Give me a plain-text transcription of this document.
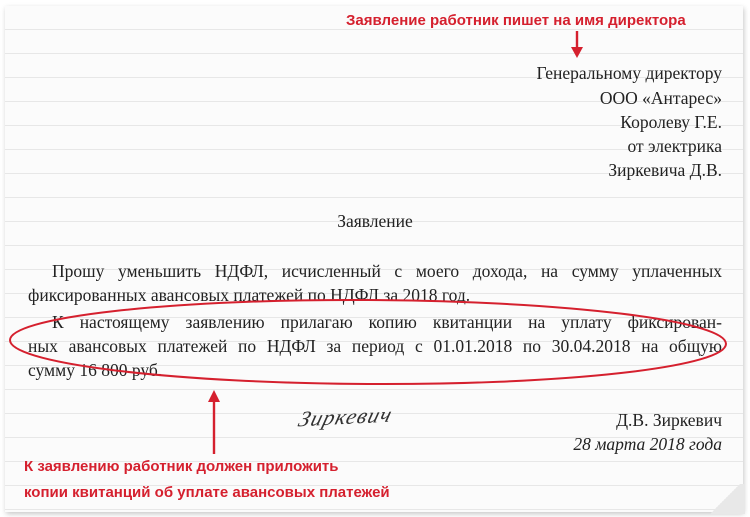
Заявление работник пишет на имя директора
Генеральному директору
ООО «Антарес»
Королеву Г.Е.
от электрика
Зиркевича Д.В.
Заявление
Прошу уменьшить НДФЛ, исчисленный с моего дохода, на сумму уплаченных
фиксированных авансовых платежей по НДФЛ за 2018 год.
К настоящему заявлению прилагаю копию квитанции на уплату фиксирован-
ных авансовых платежей по НДФЛ за период с 01.01.2018 по 30.04.2018 на общую
сумму 16 800 руб.
Зиркевич	Д.В. Зиркевич
28 марта 2018 года
К заявлению работник должен приложить
копии квитанций об уплате авансовых платежей
